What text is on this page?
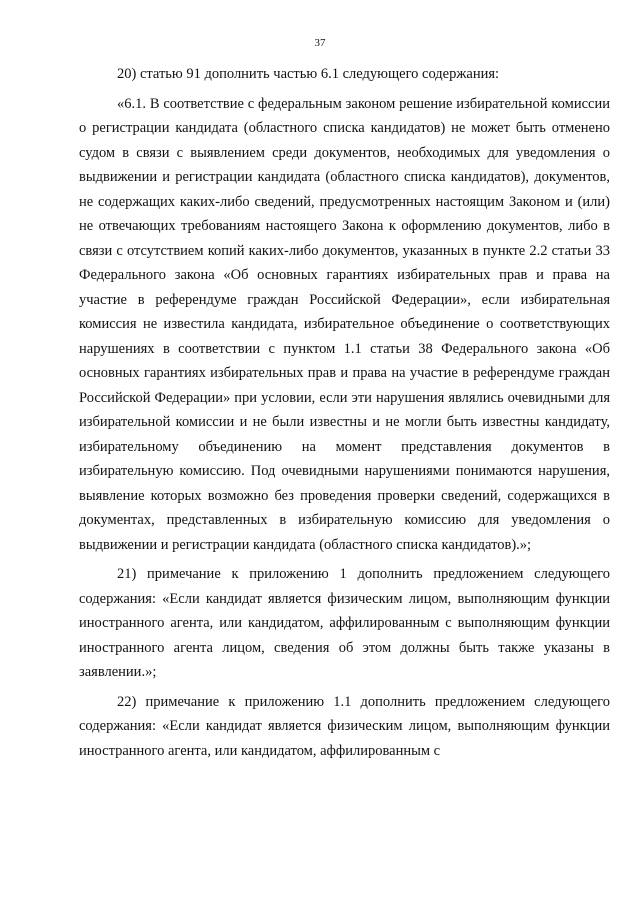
37

20) статью 91 дополнить частью 6.1 следующего содержания:

«6.1. В соответствие с федеральным законом решение избирательной комиссии о регистрации кандидата (областного списка кандидатов) не может быть отменено судом в связи с выявлением среди документов, необходимых для уведомления о выдвижении и регистрации кандидата (областного списка кандидатов), документов, не содержащих каких-либо сведений, предусмотренных настоящим Законом и (или) не отвечающих требованиям настоящего Закона к оформлению документов, либо в связи с отсутствием копий каких-либо документов, указанных в пункте 2.2 статьи 33 Федерального закона «Об основных гарантиях избирательных прав и права на участие в референдуме граждан Российской Федерации», если избирательная комиссия не известила кандидата, избирательное объединение о соответствующих нарушениях в соответствии с пунктом 1.1 статьи 38 Федерального закона «Об основных гарантиях избирательных прав и права на участие в референдуме граждан Российской Федерации» при условии, если эти нарушения являлись очевидными для избирательной комиссии и не были известны и не могли быть известны кандидату, избирательному объединению на момент представления документов в избирательную комиссию. Под очевидными нарушениями понимаются нарушения, выявление которых возможно без проведения проверки сведений, содержащихся в документах, представленных в избирательную комиссию для уведомления о выдвижении и регистрации кандидата (областного списка кандидатов).»;

21) примечание к приложению 1 дополнить предложением следующего содержания: «Если кандидат является физическим лицом, выполняющим функции иностранного агента, или кандидатом, аффилированным с выполняющим функции иностранного агента лицом, сведения об этом должны быть также указаны в заявлении.»;

22) примечание к приложению 1.1 дополнить предложением следующего содержания: «Если кандидат является физическим лицом, выполняющим функции иностранного агента, или кандидатом, аффилированным с
